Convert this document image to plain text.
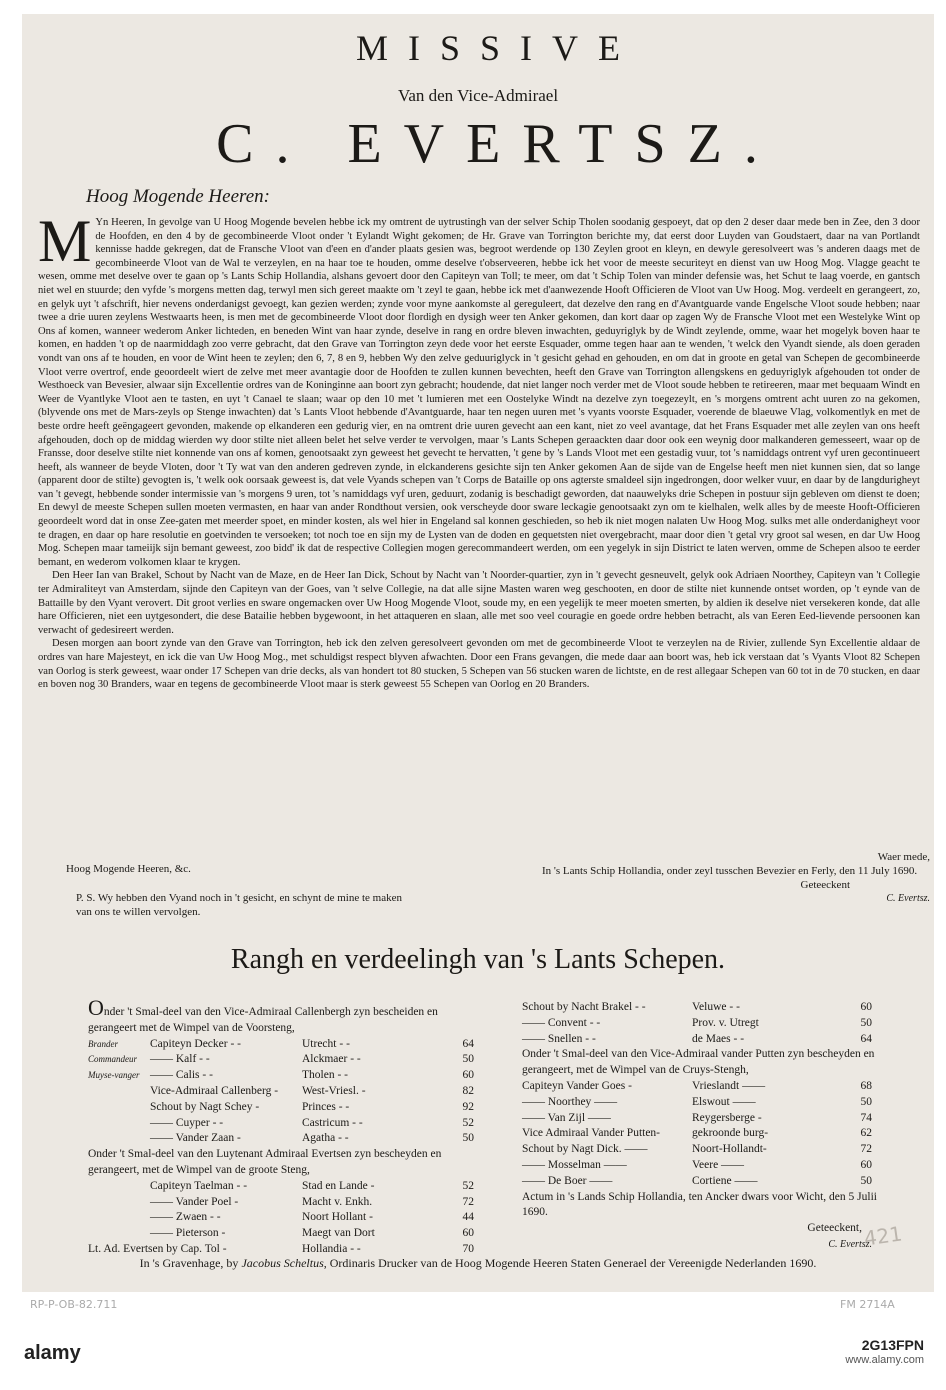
MISSIVE
Van den Vice-Admirael
C. EVERTSZ.
Hoog Mogende Heeren:
M Yn Heeren, In gevolge van U Hoog Mogende bevelen hebbe ick my omtrent de uytrustingh van der selver Schip Tholen soodanig gespoeyt, dat op den 2 deser daar mede ben in Zee, den 3 door de Hoofden, en den 4 by de gecombineerde Vloot onder 't Eylandt Wight gekomen; de Hr. Grave van Torrington berichte my, dat eerst door Luyden van Goudstaert, daar na van Portlandt kennisse hadde gekregen, dat de Fransche Vloot van d'een en d'ander plaats gesien was, begroot werdende op 130 Zeylen groot en kleyn, en dewyle geresolveert was 's anderen daags met de gecombineerde Vloot van de Wal te verzeylen, en na haar toe te houden, omme deselve t'observeeren, hebbe ick het voor de meeste securiteyt en dienst van uw Hoog Mog. Vlagge geacht te wesen, omme met deselve over te gaan op 's Lants Schip Hollandia, alshans gevoert door den Capiteyn van Toll; te meer, om dat 't Schip Tolen van minder defensie was, het Schut te laag voerde, en gantsch niet wel en stuurde; den vyfde 's morgens metten dag, terwyl men sich gereet maakte om 't zeyl te gaan, hebbe ick met d'aanwezende Hooft Officieren de Vloot van Uw Hoog. Mog. verdeelt en gerangeert, zo, en gelyk uyt 't afschrift, hier nevens onderdanigst gevoegt, kan gezien werden; zynde voor myne aankomste al gereguleert, dat dezelve den rang en d'Avantguarde vande Engelsche Vloot soude hebben; naar twee a drie uuren zeylens Westwaarts heen, is men met de gecombineerde Vloot door flordigh en dysigh weer ten Anker gekomen, dan kort daar op zagen Wy de Fransche Vloot met een Westelyke Wint op Ons af komen, wanneer wederom Anker lichteden, en beneden Wint van haar zynde, deselve in rang en ordre bleven inwachten, geduyriglyk by de Windt zeylende, omme, waar het mogelyk boven haar te komen, en hadden 't op de naarmiddagh zoo verre gebracht, dat den Grave van Torrington zeyn dede voor het eerste Esquader, omme tegen haar aan te wenden, 't welck den Vyandt siende, als doen geraden vondt van ons af te houden, en voor de Wint heen te zeylen; den 6, 7, 8 en 9, hebben Wy den zelve geduuriglyck in 't gesicht gehad en gehouden, en om dat in groote en getal van Schepen de gecombineerde Vloot verre overtrof, ende geoordeelt wiert de zelve met meer avantagie door de Hoofden te zullen kunnen bevechten, heeft den Grave van Torrington allengskens en geduyriglyk afgehouden tot onder de Westhoeck van Bevesier, alwaar sijn Excellentie ordres van de Koninginne aan boort zyn gebracht; houdende, dat niet langer noch verder met de Vloot soude hebben te retireeren, maar met bequaam Windt en Weer de Vyantlyke Vloot aen te tasten, en uyt 't Canael te slaan; waar op den 10 met 't lumieren met een Oostelyke Windt na dezelve zyn toegezeylt, en 's morgens omtrent acht uuren zo na gekomen, (blyvende ons met de Mars-zeyls op Stenge inwachten) dat 's Lants Vloot hebbende d'Avantguarde, haar ten negen uuren met 's vyants voorste Esquader, voerende de blaeuwe Vlag, volkomentlyk en met de beste ordre heeft geëngageert gevonden, makende op elkanderen een gedurig vier, en na omtrent drie uuren gevecht aan een kant, niet zo veel avantage, dat het Frans Esquader met alle zeylen van ons heeft afgehouden, doch op de middag wierden wy door stilte niet alleen belet het selve verder te vervolgen, maar 's Lants Schepen geraackten daar door ook een weynig door malkanderen gemesseert, waar op de Fransse, door deselve stilte niet konnende van ons af komen, genootsaakt zyn geweest het gevecht te hervatten, 't gene by 's Lands Vloot met een gestadig vuur, tot 's namiddags ontrent vyf uren gecontinueert heeft, als wanneer de beyde Vloten, door 't Ty wat van den anderen gedreven zynde, in elckanderens gesichte sijn ten Anker gekomen Aan de sijde van de Engelse heeft men niet kunnen sien, dat so lange (apparent door de stilte) gevogten is, 't welk ook oorsaak geweest is, dat vele Vyands schepen van 't Corps de Bataille op ons agterste smaldeel sijn ingedrongen, door welker vuur, en daar by de langdurigheyt van 't gevegt, hebbende sonder intermissie van 's morgens 9 uren, tot 's namiddags vyf uren, geduurt, zodanig is beschadigt geworden, dat naauwelyks drie Schepen in postuur sijn gebleven om dienst te doen; En dewyl de meeste Schepen sullen moeten vermasten, en haar van ander Rondthout versien, ook verscheyde door sware leckagie genootsaakt zyn om te kielhalen, welk alles by de meeste Hooft-Officieren geoordeelt word dat in onse Zee-gaten met meerder spoet, en minder kosten, als wel hier in Engeland sal konnen geschieden, so heb ik niet mogen nalaten Uw Hoog Mog. sulks met alle onderdanigheyt voor te dragen, en daar op hare resolutie en goetvinden te versoeken; tot noch toe en sijn my de Lysten van de doden en gequetsten niet overgebracht, maar door dien 't getal vry groot sal wesen, en dar Uw Hoog Mog. Schepen maar tameiijk sijn bemant geweest, zoo bidd' ik dat de respective Collegien mogen gerecommandeert werden, om een yegelyk in sijn District te laten werven, omme de Schepen alsoo te eerder bemant, en wederom volkomen klaar te krygen.

Den Heer Ian van Brakel, Schout by Nacht van de Maze, en de Heer Ian Dick, Schout by Nacht van 't Noorder-quartier, zyn in 't gevecht gesneuvelt, gelyk ook Adriaen Noorthey, Capiteyn van 't Collegie ter Admiraliteyt van Amsterdam, sijnde den Capiteyn van der Goes, van 't selve Collegie, na dat alle sijne Masten waren weg geschooten, en door de stilte niet kunnende ontset worden, op 't eynde van de Battaille by den Vyant verovert. Dit groot verlies en sware ongemacken over Uw Hoog Mogende Vloot, soude my, en een yegelijk te meer moeten smerten, by aldien ik deselve niet versekeren konde, dat alle hare Officieren, niet een uytgesondert, die dese Batailie hebben bygewoont, in het attaqueren en slaan, alle met soo veel couragie en goede ordre hebben betracht, als van Eeren Eed-lievende persoonen kan verwacht of gedesireert werden.

Desen morgen aan boort zynde van den Grave van Torrington, heb ick den zelven geresolveert gevonden om met de gecombineerde Vloot te verzeylen na de Rivier, zullende Syn Excellentie aldaar de ordres van hare Majesteyt, en ick die van Uw Hoog Mog., met schuldigst respect blyven afwachten. Door een Frans gevangen, die mede daar aan boort was, heb ick verstaan dat 's Vyants Vloot 82 Schepen van Oorlog is sterk geweest, waar onder 17 Schepen van drie decks, als van hondert tot 80 stucken, 5 Schepen van 56 stucken waren de lichtste, en de rest allegaar Schepen van 60 tot in de 70 stucken, en daar en boven nog 30 Branders, waar en tegens de gecombineerde Vloot maar is sterk geweest 55 Schepen van Oorlog en 20 Branders.

Waer mede,
In 's Lants Schip Hollandia, onder zeyl tusschen Bevezier en Ferly, den 11 July 1690.
Geteeckent
C. Evertsz.
Hoog Mogende Heeren, &c.
P. S. Wy hebben den Vyand noch in 't gesicht, en schynt de mine te maken van ons te willen vervolgen.
Rangh en verdeelingh van 's Lants Schepen.

Onder 't Smal-deel van den Vice-Admiraal Callenbergh zyn bescheiden en gerangeert met de Wimpel van de Voorsteng,

Brander	Capiteyn Decker - -	Utrecht - -	64
Commandeur	—— Kalf - -	Alckmaer - -	50
Muyse-vanger —— Calis - -	Tholen - -	60
Vice-Admiraal Callenberg -	West-Vriesl. -	82
Schout by Nagt Schey -	Princes - -	92
—— Cuyper - -	Castricum - -	52
—— Vander Zaan -	Agatha - -	50

Onder 't Smal-deel van den Luytenant Admiraal Evertsen zyn bescheyden en gerangeert, met de Wimpel van de groote Steng,

Capiteyn Taelman - -	Stad en Lande -	52
—— Vander Poel -	Macht v. Enkh.	72
—— Zwaen - -	Noort Hollant -	44
—— Pieterson -	Maegt van Dort	60
Lt. Ad. Evertsen by Cap. Tol -	Hollandia - -	70
Schout by Nacht Brakel - -	Veluwe - -	60
—— Convent - -	Prov. v. Utregt	50
—— Snellen - -	de Maes - -	64

Onder 't Smal-deel van den Vice-Admiraal vander Putten zyn bescheyden en gerangeert, met de Wimpel van de Cruys-Stengh,

Capiteyn Vander Goes -	Vrieslandt ——	68
—— Noorthey ——	Elswout ——	50
—— Van Zijl ——	Reygersberge -	74
Vice Admiraal Vander Putten-	gekroonde burg-	62
Schout by Nagt Dick. ——	Noort-Hollandt-	72
—— Mosselman ——	Veere ——	60
—— De Boer ——	Cortiene ——	50

Actum in 's Lands Schip Hollandia, ten Ancker dwars voor Wicht, den 5 Julii 1690.

Geteeckent,
C. Evertsz.
In 's Gravenhage, by Jacobus Scheltus, Ordinaris Drucker van de Hoog Mogende Heeren Staten Generael der Vereenigde Nederlanden 1690.
421
RP-P-OB-82.711	FM 2714A
alamy	2G13FPN
www.alamy.com
